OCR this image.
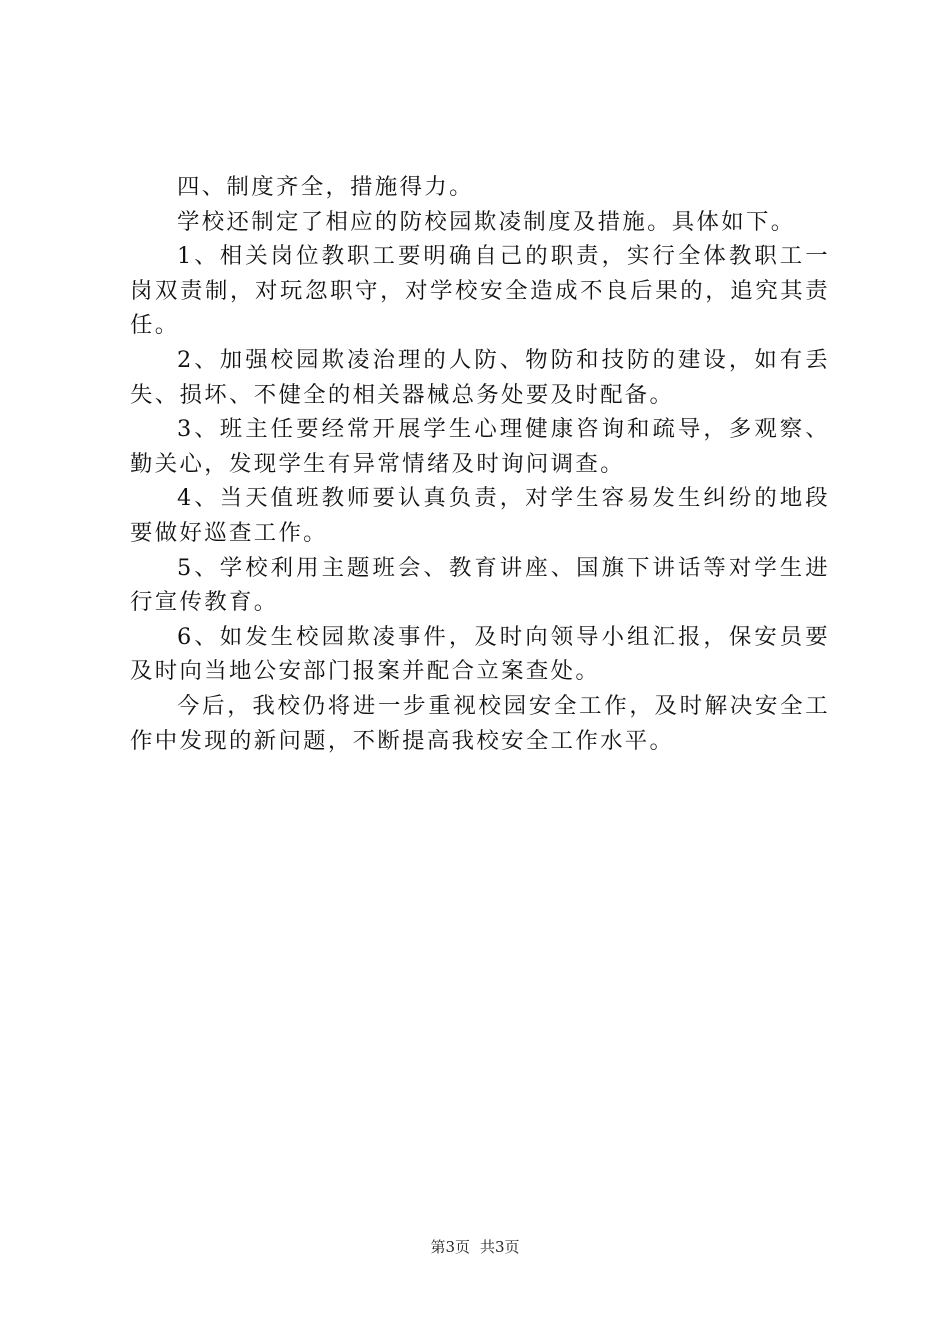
四、制度齐全，措施得力。

学校还制定了相应的防校园欺凌制度及措施。具体如下。

1、相关岗位教职工要明确自己的职责，实行全体教职工一岗双责制，对玩忽职守，对学校安全造成不良后果的，追究其责任。

2、加强校园欺凌治理的人防、物防和技防的建设，如有丢失、损坏、不健全的相关器械总务处要及时配备。

3、班主任要经常开展学生心理健康咨询和疏导，多观察、勤关心，发现学生有异常情绪及时询问调查。

4、当天值班教师要认真负责，对学生容易发生纠纷的地段要做好巡查工作。

5、学校利用主题班会、教育讲座、国旗下讲话等对学生进行宣传教育。

6、如发生校园欺凌事件，及时向领导小组汇报，保安员要及时向当地公安部门报案并配合立案查处。

今后，我校仍将进一步重视校园安全工作，及时解决安全工作中发现的新问题，不断提高我校安全工作水平。

第3页 共3页
